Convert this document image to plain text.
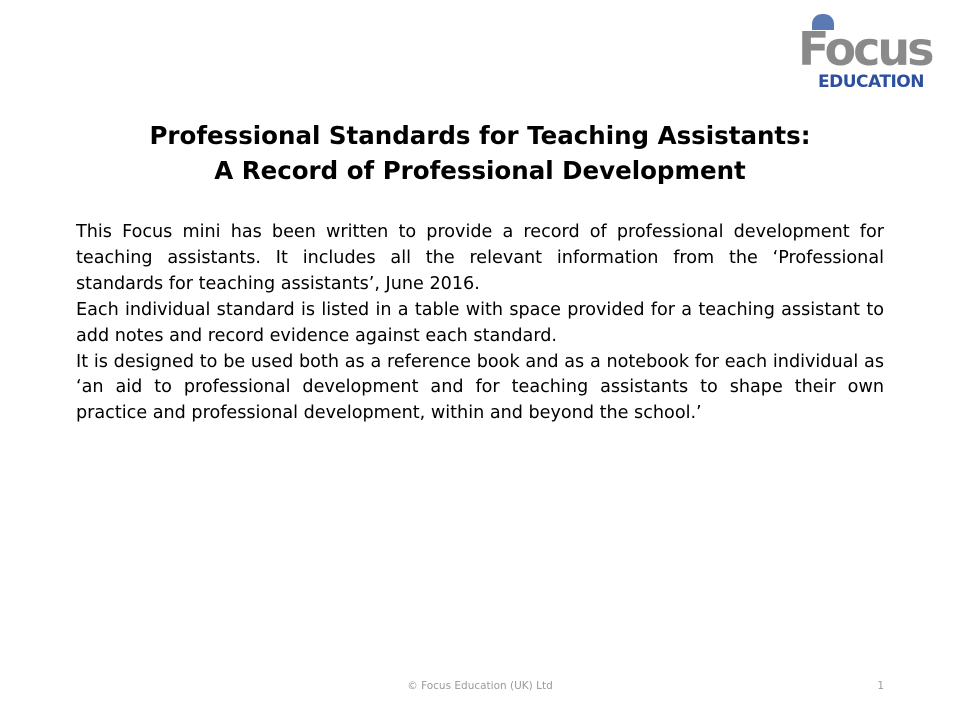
Focus
EDUCATION
Professional Standards for Teaching Assistants:
A Record of Professional Development

This Focus mini has been written to provide a record of professional development for teaching assistants. It includes all the relevant information from the ‘Professional standards for teaching assistants’, June 2016.

Each individual standard is listed in a table with space provided for a teaching assistant to add notes and record evidence against each standard.

It is designed to be used both as a reference book and as a notebook for each individual as ‘an aid to professional development and for teaching assistants to shape their own practice and professional development, within and beyond the school.’

© Focus Education (UK) Ltd	1
